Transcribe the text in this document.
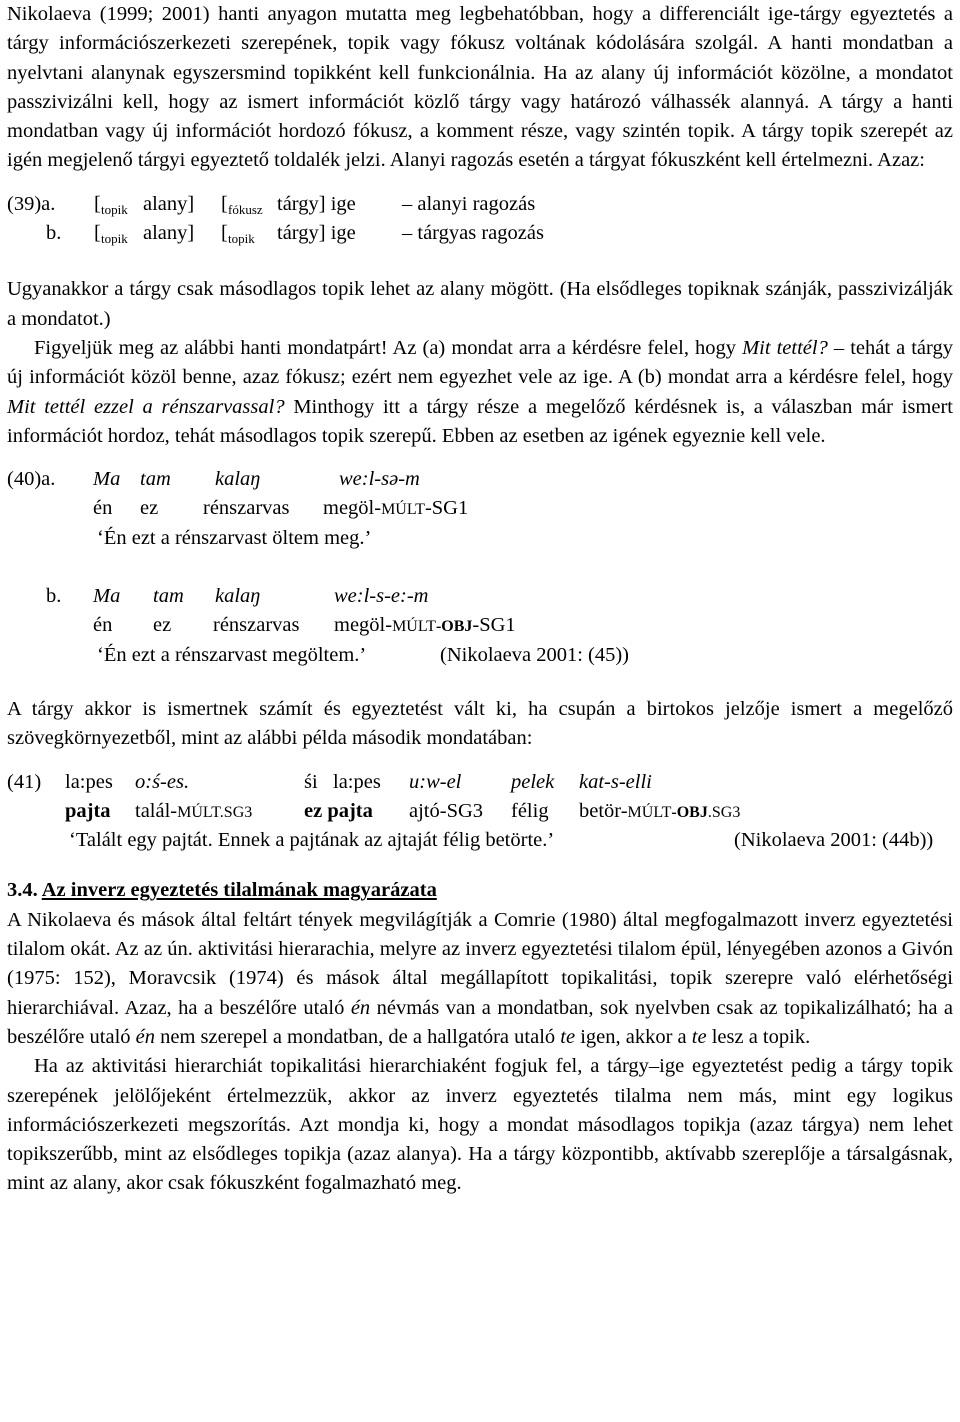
Nikolaeva (1999; 2001) hanti anyagon mutatta meg legbehatóbban, hogy a differenciált ige-tárgy egyeztetés a tárgy információszerkezeti szerepének, topik vagy fókusz voltának kódolására szolgál. A hanti mondatban a nyelvtani alanynak egyszersmind topikként kell funkcionálnia. Ha az alany új információt közölne, a mondatot passzivizálni kell, hogy az ismert információt közlő tárgy vagy határozó válhassék alannyá. A tárgy a hanti mondatban vagy új információt hordozó fókusz, a komment része, vagy szintén topik. A tárgy topik szerepét az igén megjelenő tárgyi egyeztető toldalék jelzi. Alanyi ragozás esetén a tárgyat fókuszként kell értelmezni. Azaz:

(39)a. [ topik alany] [ fókusz tárgy] ige – alanyi ragozás
b. [ topik alany] [ topik tárgy] ige – tárgyas ragozás

Ugyanakkor a tárgy csak másodlagos topik lehet az alany mögött. (Ha elsődleges topiknak szánják, passzivizálják a mondatot.)

Figyeljük meg az alábbi hanti mondatpárt! Az (a) mondat arra a kérdésre felel, hogy Mit tettél? – tehát a tárgy új információt közöl benne, azaz fókusz; ezért nem egyezhet vele az ige. A (b) mondat arra a kérdésre felel, hogy Mit tettél ezzel a rénszarvassal? Minthogy itt a tárgy része a megelőző kérdésnek is, a válaszban már ismert információt hordoz, tehát másodlagos topik szerepű. Ebben az esetben az igének egyeznie kell vele.

(40)a. Ma tam kalaŋ	we:l-sə-m
én ez rénszarvas megöl-MÚLT-SG1
‘Én ezt a rénszarvast öltem meg.’
b. Ma tam kalaŋ	we:l-s-e:-m
én ez rénszarvas megöl-MÚLT-OBJ-SG1
‘Én ezt a rénszarvast megöltem.’	(Nikolaeva 2001: (45))

A tárgy akkor is ismertnek számít és egyeztetést vált ki, ha csupán a birtokos jelzője ismert a megelőző szövegkörnyezetből, mint az alábbi példa második mondatában:

(41) la:pes o:ś-es.	śi la:pes u:w-el pelek kat-s-elli
pajta talál-MÚLT.SG3	ez pajta ajtó-SG3 félig betör-MÚLT-OBJ.SG3
‘Talált egy pajtát. Ennek a pajtának az ajtaját félig betörte.’	(Nikolaeva 2001: (44b))

3.4. Az inverz egyeztetés tilalmának magyarázata

A Nikolaeva és mások által feltárt tények megvilágítják a Comrie (1980) által megfogalmazott inverz egyeztetési tilalom okát. Az az ún. aktivitási hierarachia, melyre az inverz egyeztetési tilalom épül, lényegében azonos a Givón (1975: 152), Moravcsik (1974) és mások által megállapított topikalitási, topik szerepre való elérhetőségi hierarchiával. Azaz, ha a beszélőre utaló én névmás van a mondatban, sok nyelvben csak az topikalizálható; ha a beszélőre utaló én nem szerepel a mondatban, de a hallgatóra utaló te igen, akkor a te lesz a topik.

Ha az aktivitási hierarchiát topikalitási hierarchiaként fogjuk fel, a tárgy–ige egyeztetést pedig a tárgy topik szerepének jelölőjeként értelmezzük, akkor az inverz egyeztetés tilalma nem más, mint egy logikus információszerkezeti megszorítás. Azt mondja ki, hogy a mondat másodlagos topikja (azaz tárgya) nem lehet topikszerűbb, mint az elsődleges topikja (azaz alanya). Ha a tárgy központibb, aktívabb szereplője a társalgásnak, mint az alany, akor csak fókuszként fogalmazható meg.
